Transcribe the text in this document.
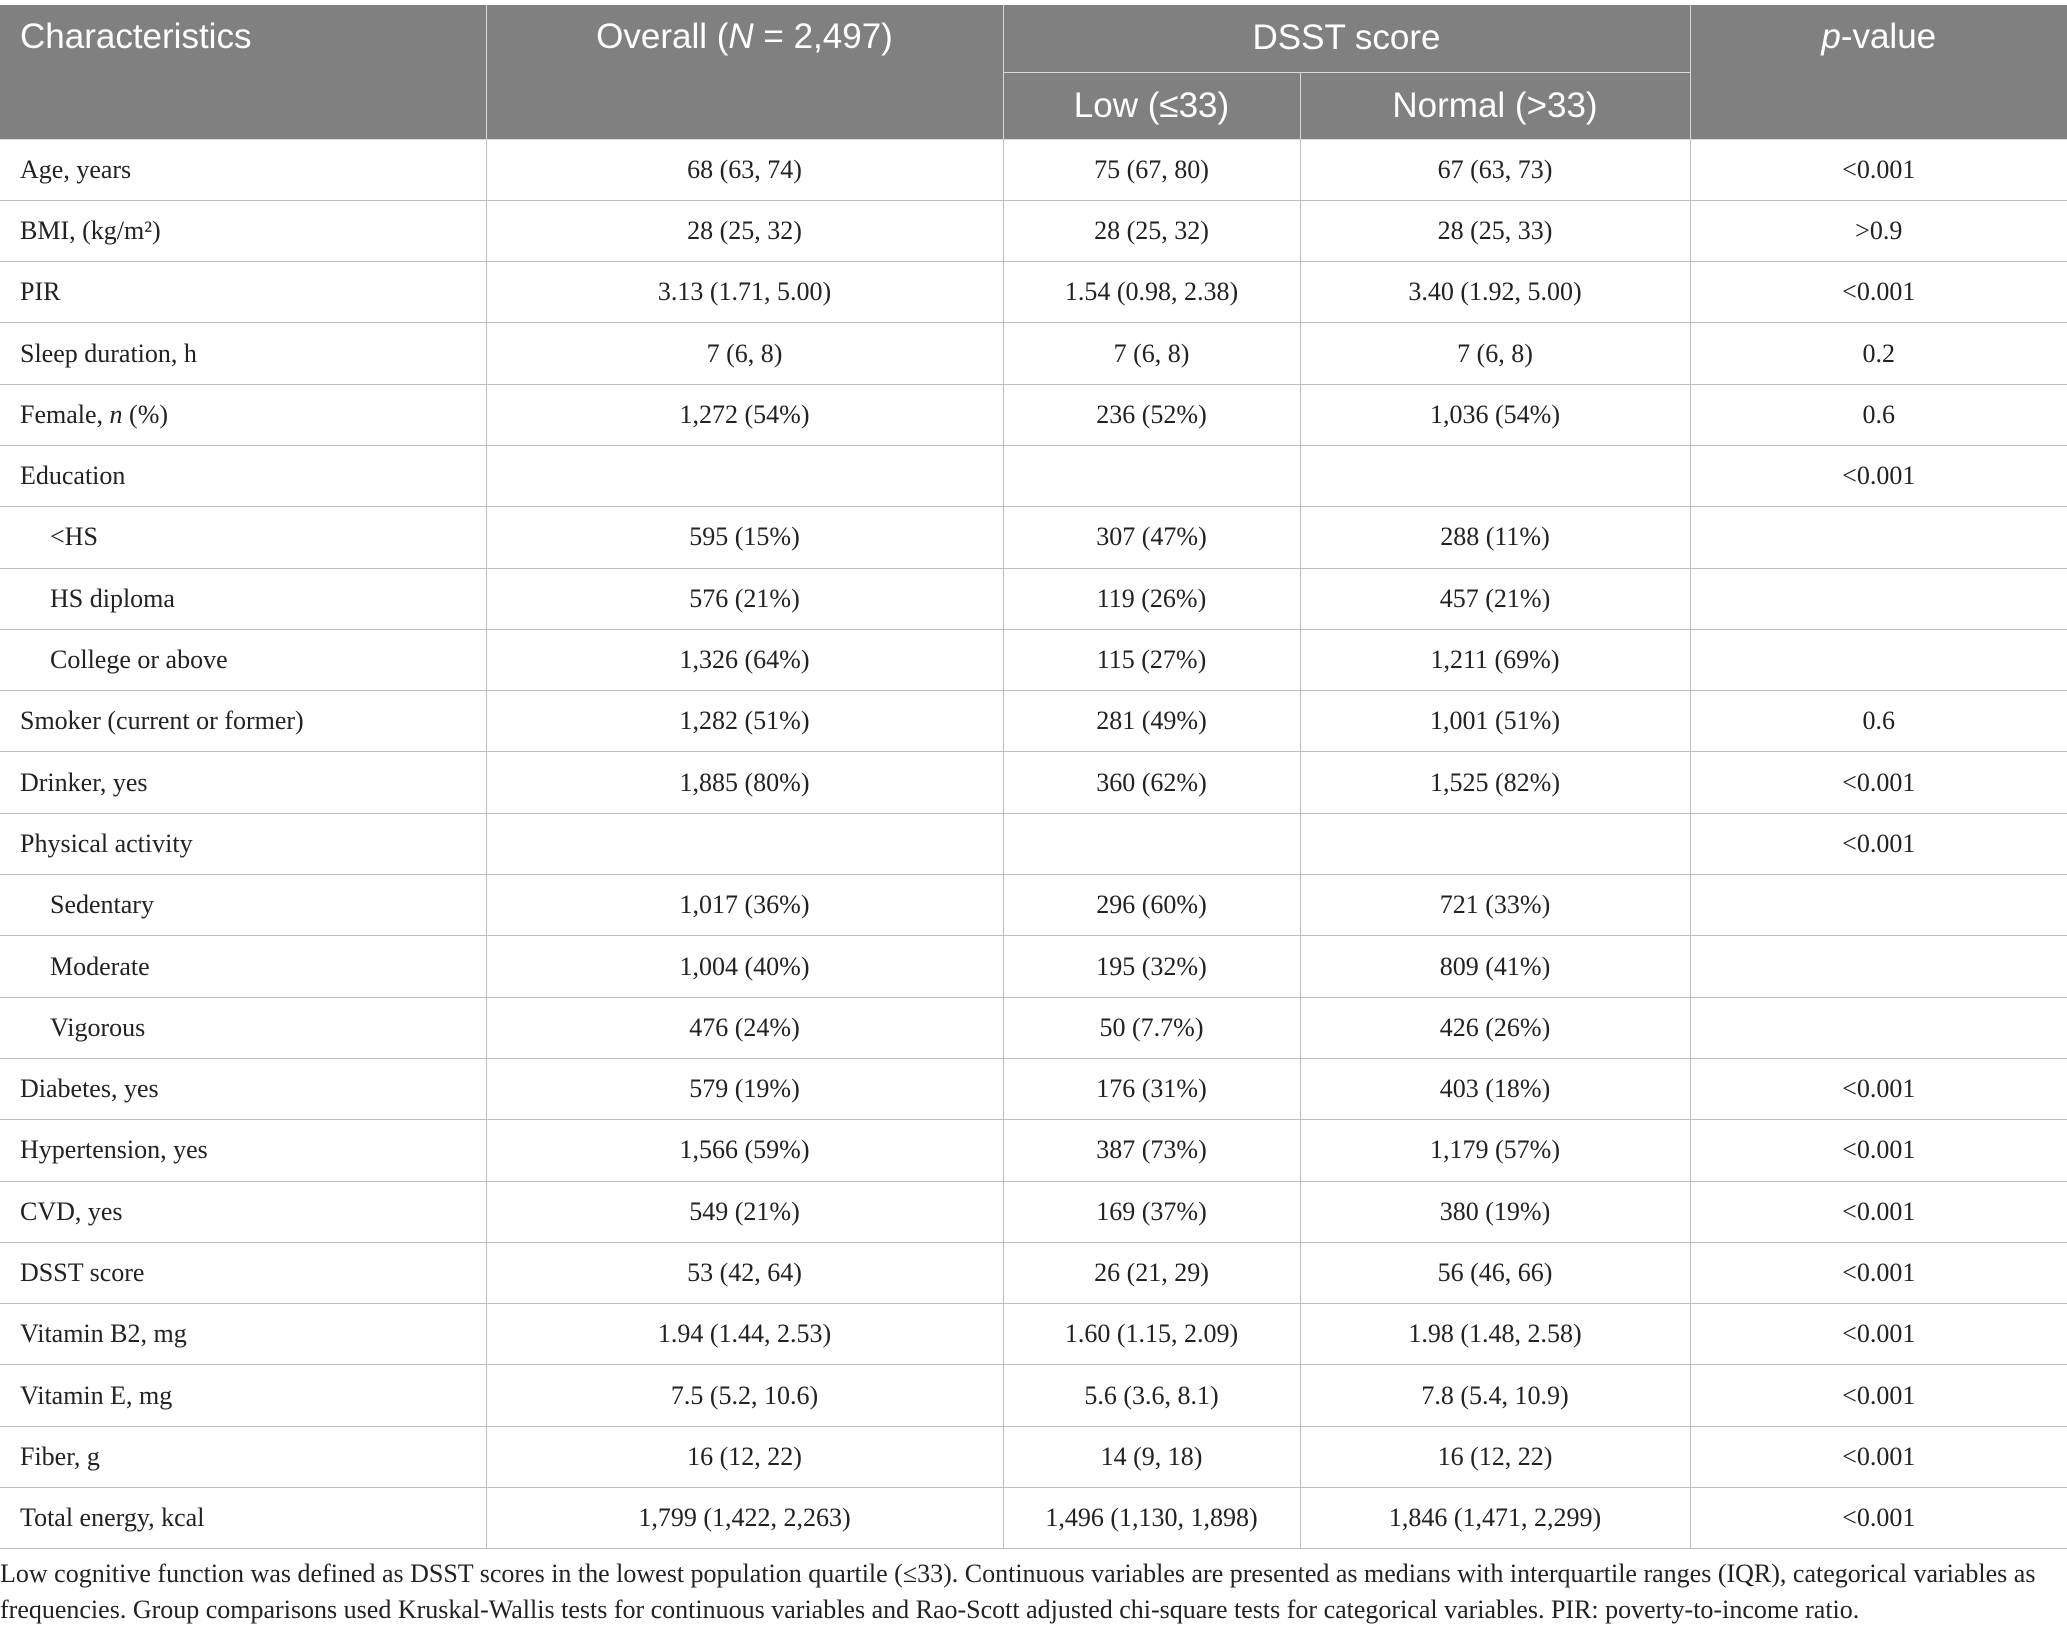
Characteristics	Overall (N = 2,497)	DSST score		p-value
		Low (≤33)	Normal (>33)	
Age, years	68 (63, 74)	75 (67, 80)	67 (63, 73)	<0.001
BMI, (kg/m²)	28 (25, 32)	28 (25, 32)	28 (25, 33)	>0.9
PIR	3.13 (1.71, 5.00)	1.54 (0.98, 2.38)	3.40 (1.92, 5.00)	<0.001
Sleep duration, h	7 (6, 8)	7 (6, 8)	7 (6, 8)	0.2
Female, n (%)	1,272 (54%)	236 (52%)	1,036 (54%)	0.6
Education				<0.001
<HS	595 (15%)	307 (47%)	288 (11%)	
HS diploma	576 (21%)	119 (26%)	457 (21%)	
College or above	1,326 (64%)	115 (27%)	1,211 (69%)	
Smoker (current or former)	1,282 (51%)	281 (49%)	1,001 (51%)	0.6
Drinker, yes	1,885 (80%)	360 (62%)	1,525 (82%)	<0.001
Physical activity				<0.001
Sedentary	1,017 (36%)	296 (60%)	721 (33%)	
Moderate	1,004 (40%)	195 (32%)	809 (41%)	
Vigorous	476 (24%)	50 (7.7%)	426 (26%)	
Diabetes, yes	579 (19%)	176 (31%)	403 (18%)	<0.001
Hypertension, yes	1,566 (59%)	387 (73%)	1,179 (57%)	<0.001
CVD, yes	549 (21%)	169 (37%)	380 (19%)	<0.001
DSST score	53 (42, 64)	26 (21, 29)	56 (46, 66)	<0.001
Vitamin B2, mg	1.94 (1.44, 2.53)	1.60 (1.15, 2.09)	1.98 (1.48, 2.58)	<0.001
Vitamin E, mg	7.5 (5.2, 10.6)	5.6 (3.6, 8.1)	7.8 (5.4, 10.9)	<0.001
Fiber, g	16 (12, 22)	14 (9, 18)	16 (12, 22)	<0.001
Total energy, kcal	1,799 (1,422, 2,263)	1,496 (1,130, 1,898)	1,846 (1,471, 2,299)	<0.001
Low cognitive function was defined as DSST scores in the lowest population quartile (≤33). Continuous variables are presented as medians with interquartile ranges (IQR), categorical variables as frequencies. Group comparisons used Kruskal-Wallis tests for continuous variables and Rao-Scott adjusted chi-square tests for categorical variables. PIR: poverty-to-income ratio.
